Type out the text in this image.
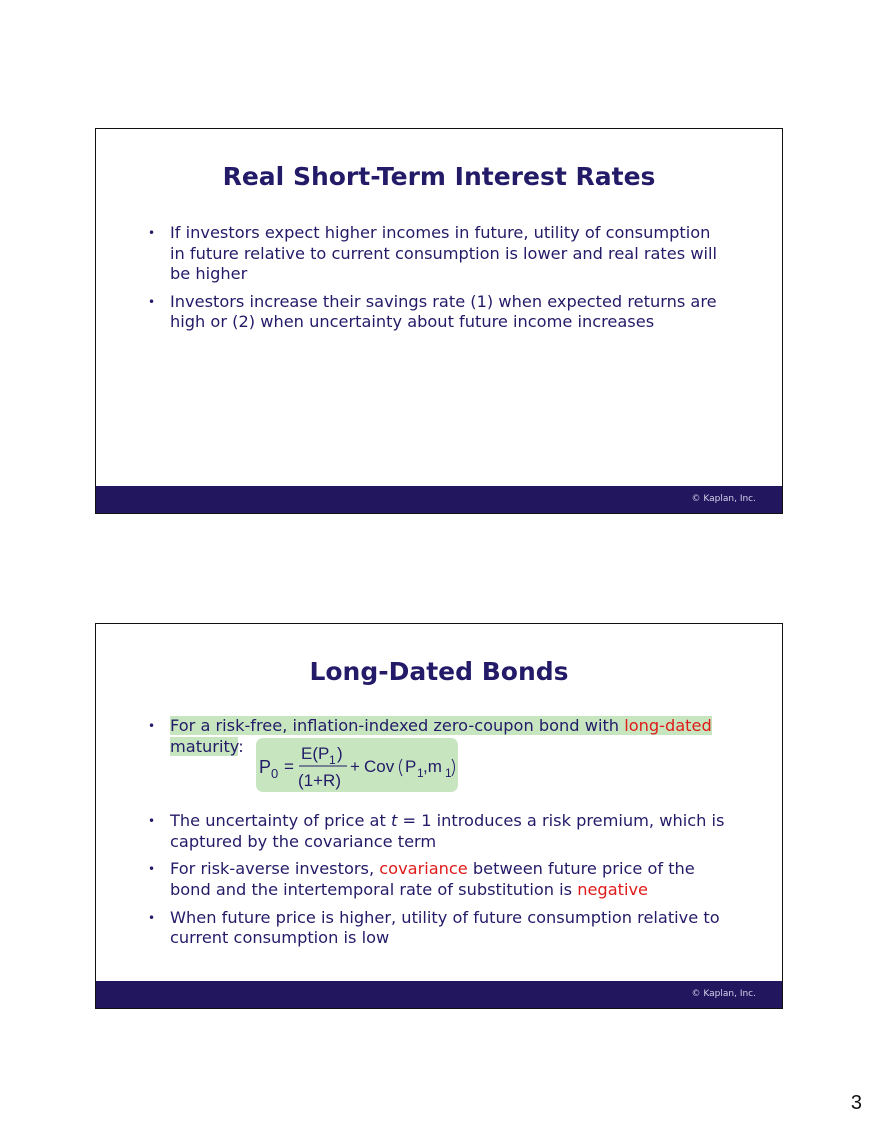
Real Short-Term Interest Rates
• If investors expect higher incomes in future, utility of consumption in future relative to current consumption is lower and real rates will be higher
• Investors increase their savings rate (1) when expected returns are high or (2) when uncertainty about future income increases
© Kaplan, Inc.
Long-Dated Bonds
P 0 =
E(P 1 )
(1+R)
+ Cov P 1 ,m 1
• For a risk-free, inflation-indexed zero-coupon bond with long-dated
maturity:
• The uncertainty of price at t = 1 introduces a risk premium, which is captured by the covariance term
• For risk-averse investors, covariance between future price of the bond and the intertemporal rate of substitution is negative
• When future price is higher, utility of future consumption relative to current consumption is low
© Kaplan, Inc.
3
